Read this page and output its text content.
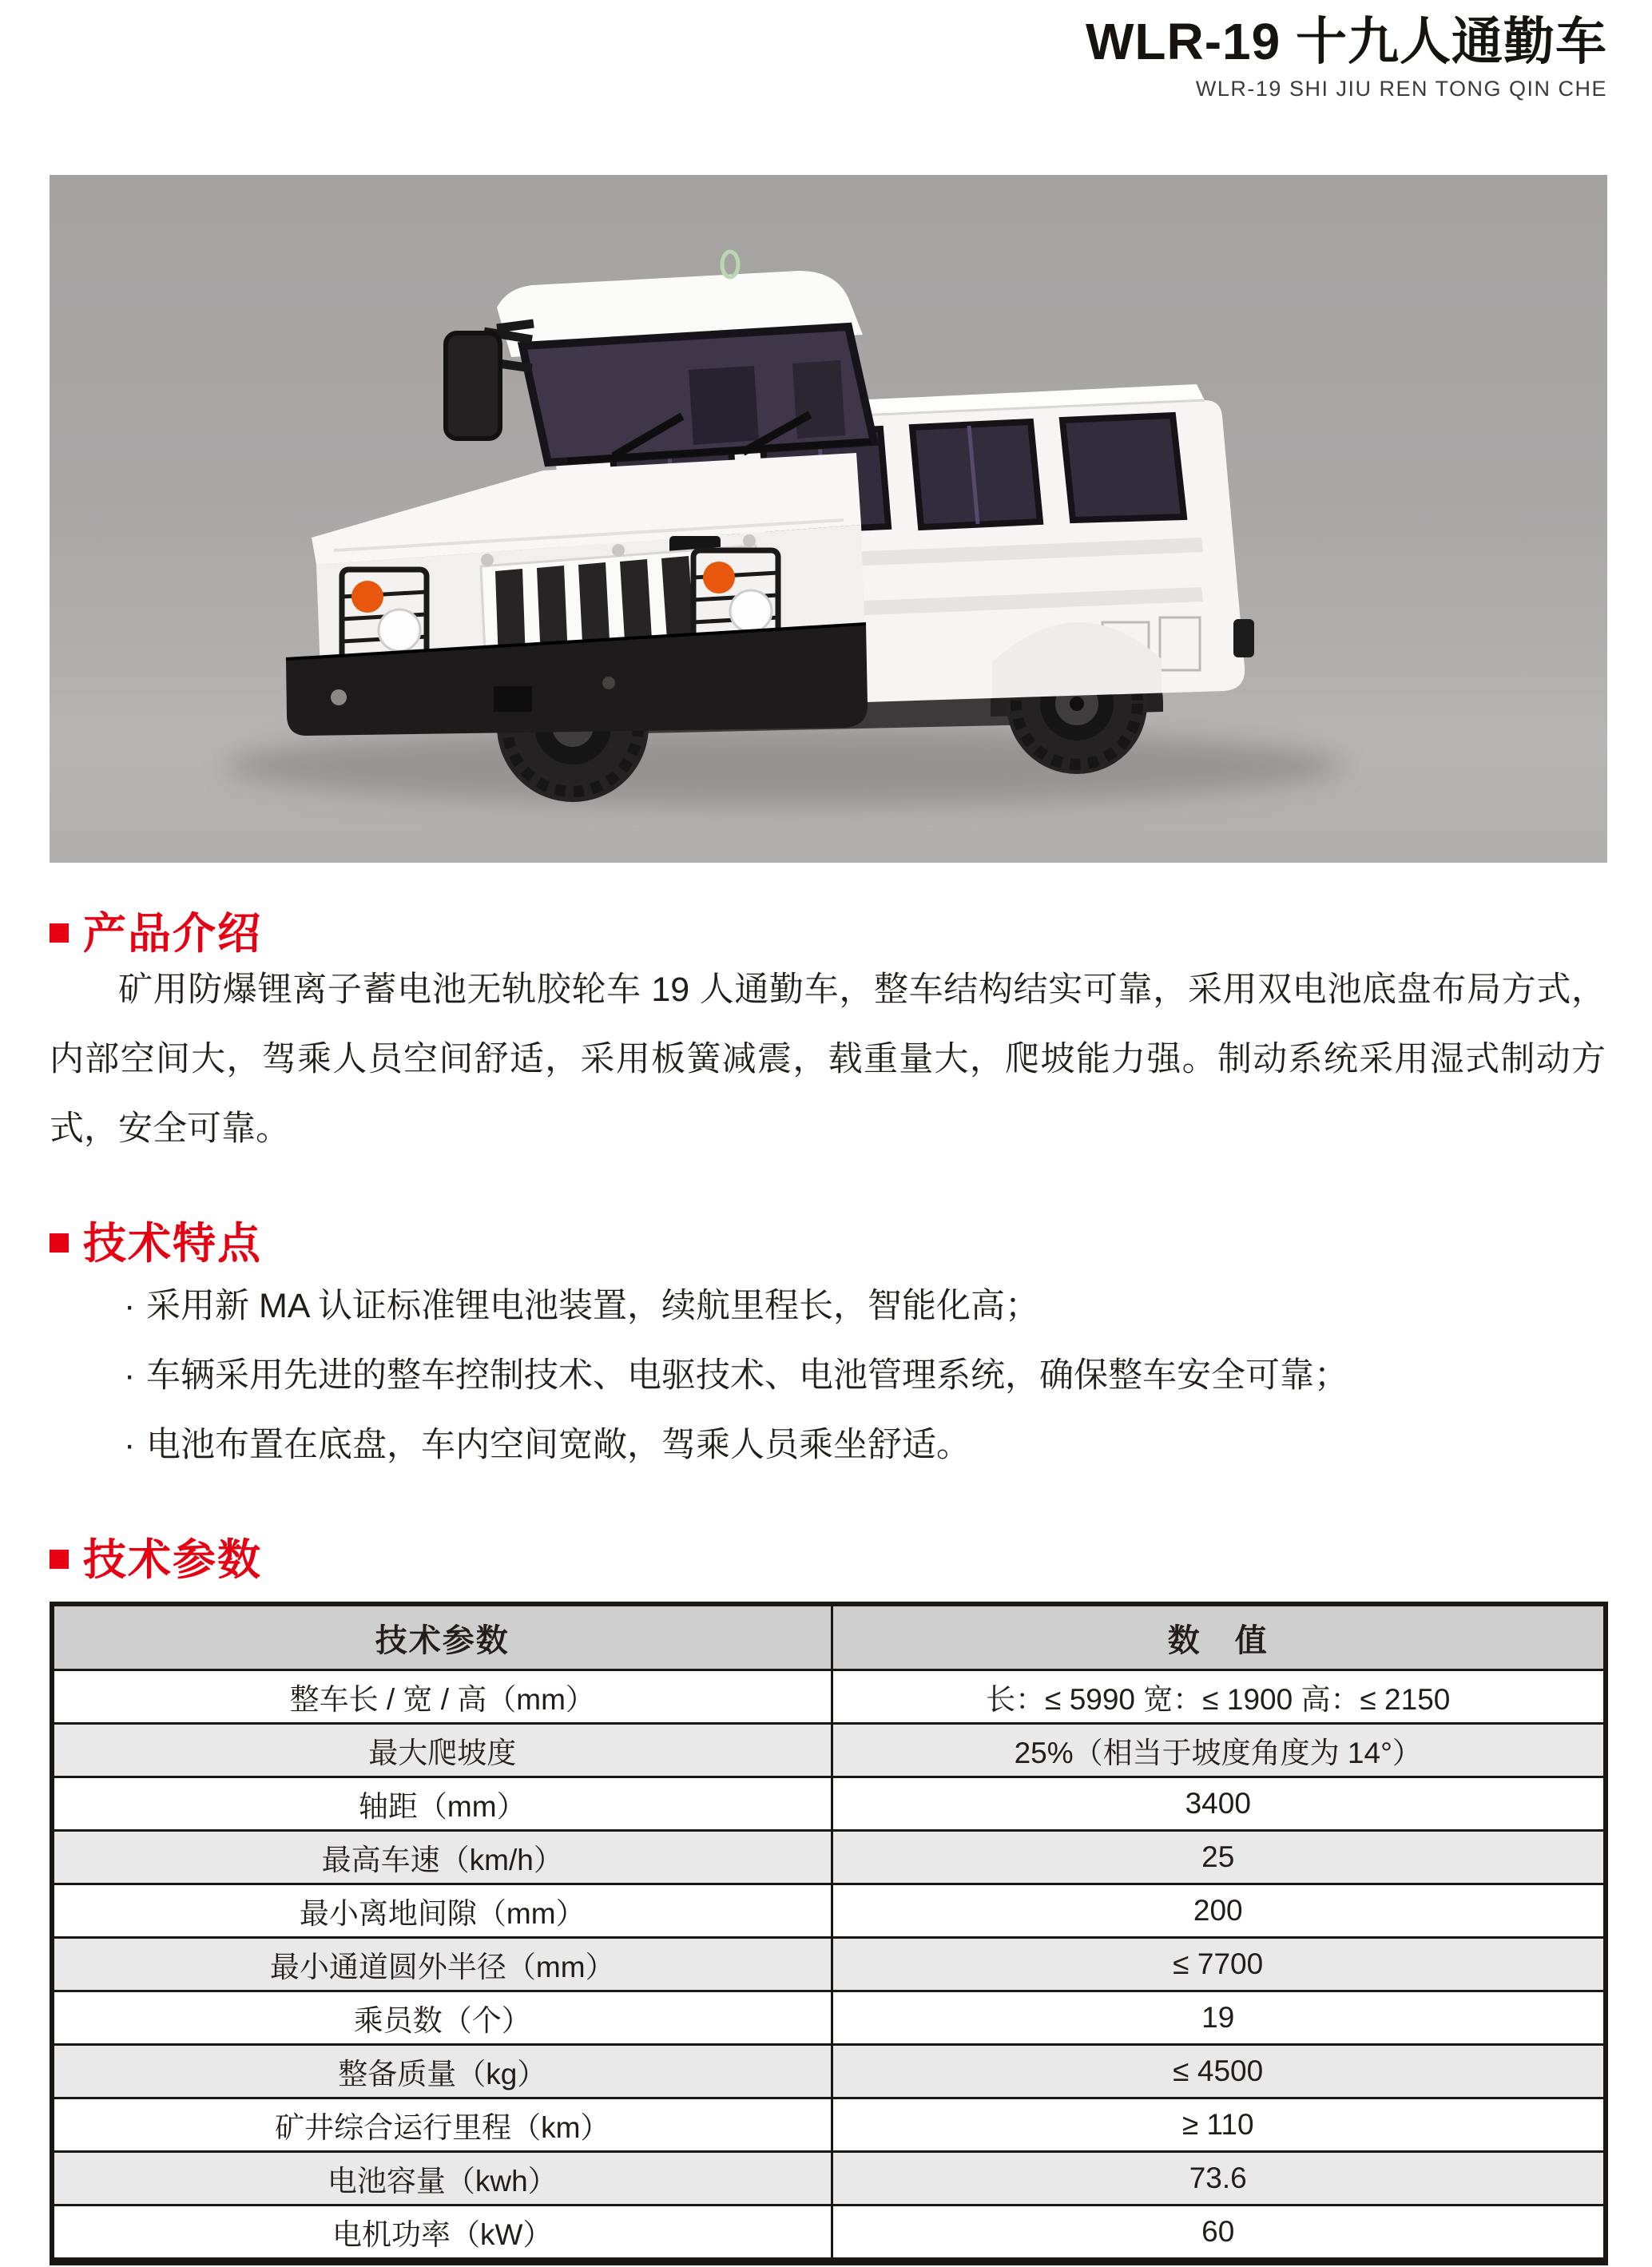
WLR-19 十九人通勤车
WLR-19 SHI JIU REN TONG QIN CHE
产品介绍

矿用防爆锂离子蓄电池无轨胶轮车 19 人通勤车，整车结构结实可靠，采用双电池底盘布局方式，内部空间大，驾乘人员空间舒适，采用板簧减震，载重量大，爬坡能力强。制动系统采用湿式制动方式，安全可靠。

技术特点
· 采用新 MA 认证标准锂电池装置，续航里程长，智能化高；
· 车辆采用先进的整车控制技术、电驱技术、电池管理系统，确保整车安全可靠；
· 电池布置在底盘，车内空间宽敞，驾乘人员乘坐舒适。
技术参数
技术参数	数　值
整车长 / 宽 / 高（mm）	长：≤ 5990 宽：≤ 1900 高：≤ 2150
最大爬坡度	25%（相当于坡度角度为 14°）
轴距（mm）	3400
最高车速（km/h）	25
最小离地间隙（mm）	200
最小通道圆外半径（mm）	≤ 7700
乘员数（个）	19
整备质量（kg）	≤ 4500
矿井综合运行里程（km）	≥ 110
电池容量（kwh）	73.6
电机功率（kW）	60
